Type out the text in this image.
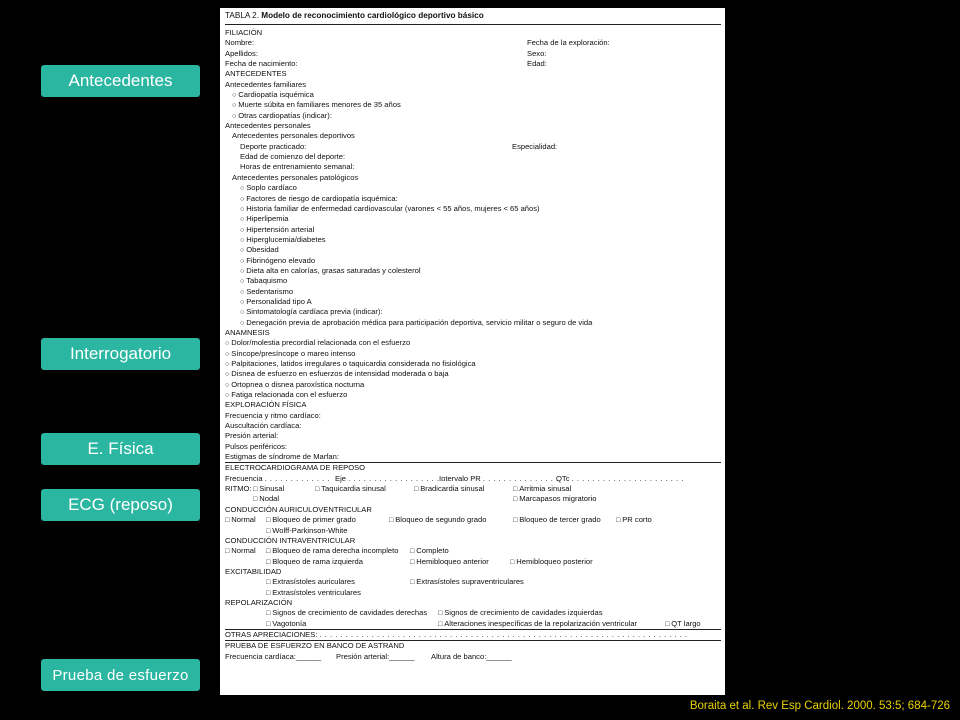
Antecedentes
Interrogatorio
E. Física
ECG (reposo)
Prueba de esfuerzo
TABLA 2. Modelo de reconocimiento cardiológico deportivo básico
FILIACIÓN
Nombre:	Fecha de la exploración:
Apellidos:	Sexo:
Fecha de nacimiento:	Edad:
ANTECEDENTES
Antecedentes familiares
○ Cardiopatía isquémica
○ Muerte súbita en familiares menores de 35 años
○ Otras cardiopatías (indicar):
Antecedentes personales
Antecedentes personales deportivos
Deporte practicado:	Especialidad:
Edad de comienzo del deporte:
Horas de entrenamiento semanal:
Antecedentes personales patológicos
○ Soplo cardíaco
○ Factores de riesgo de cardiopatía isquémica:
○ Historia familiar de enfermedad cardiovascular (varones < 55 años, mujeres < 65 años)
○ Hiperlipemia
○ Hipertensión arterial
○ Hiperglucemia/diabetes
○ Obesidad
○ Fibrinógeno elevado
○ Dieta alta en calorías, grasas saturadas y colesterol
○ Tabaquismo
○ Sedentarismo
○ Personalidad tipo A
○ Sintomatología cardíaca previa (indicar):
○ Denegación previa de aprobación médica para participación deportiva, servicio militar o seguro de vida
ANAMNESIS
○ Dolor/molestia precordial relacionada con el esfuerzo
○ Síncope/presíncope o mareo intenso
○ Palpitaciones, latidos irregulares o taquicardia considerada no fisiológica
○ Disnea de esfuerzo en esfuerzos de intensidad moderada o baja
○ Ortopnea o disnea paroxística nocturna
○ Fatiga relacionada con el esfuerzo
EXPLORACIÓN FÍSICA
Frecuencia y ritmo cardíaco:
Auscultación cardíaca:
Presión arterial:
Pulsos periféricos:
Estigmas de síndrome de Marfan:
ELECTROCARDIOGRAMA DE REPOSO
Frecuencia . . . . . . . . . . . . . Eje . . . . . . . . . . . . . . . . . . .
Intervalo PR . . . . . . . . . . . . . . .
QTc . . . . . . . . . . . . . . . . . . . . . .
RITMO:	□ Sinusal	□ Taquicardia sinusal	□ Bradicardia sinusal	□ Arritmia sinusal
□ Nodal	□ Marcapasos migratorio
CONDUCCIÓN AURICULOVENTRICULAR
□ Normal	□ Bloqueo de primer grado	□ Bloqueo de segundo grado	□ Bloqueo de tercer grado	□ PR corto
□ Wolff-Parkinson-White
CONDUCCIÓN INTRAVENTRICULAR
□ Normal	□ Bloqueo de rama derecha incompleto	□ Completo
□ Bloqueo de rama izquierda	□ Hemibloqueo anterior	□ Hemibloqueo posterior
EXCITABILIDAD
□ Extrasístoles auriculares	□ Extrasístoles supraventriculares
□ Extrasístoles ventriculares
REPOLARIZACIÓN
□ Signos de crecimiento de cavidades derechas	□ Signos de crecimiento de cavidades izquierdas
□ Vagotonía	□ Alteraciones inespecíficas de la repolarización ventricular	□ QT largo
OTRAS APRECIACIONES: . . . . . . . . . . . . . . . . . . . . . . . . . . . . . . . . . . . . . . . . . . . . . . . . . . . . . . . . . . . . . . . . . . . . . . .
PRUEBA DE ESFUERZO EN BANCO DE ASTRAND
Frecuencia cardíaca:______ Presión arterial:______ Altura de banco:______
Boraita et al. Rev Esp Cardiol. 2000. 53:5; 684-726
